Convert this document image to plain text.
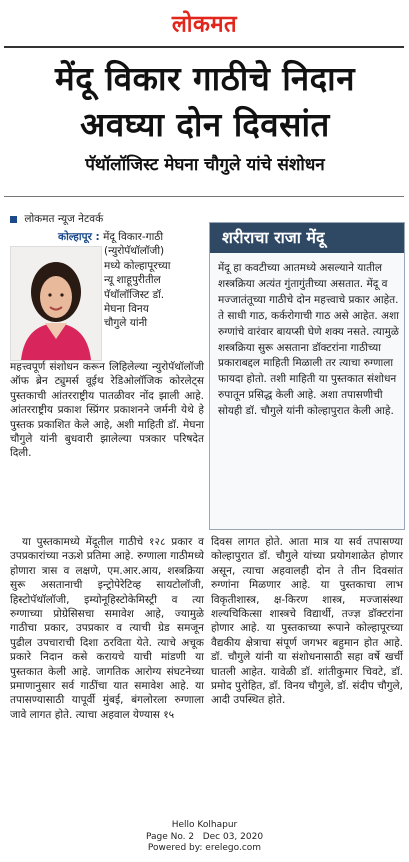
लोकमत
मेंदू विकार गाठीचे निदान
अवघ्या दोन दिवसांत
पॅथॉलॉजिस्ट मेघना चौगुले यांचे संशोधन
लोकमत न्यूज नेटवर्क

कोल्हापूर : मेंदू विकार-गाठी

(न्युरोपॅथॉलॉजी)

मध्ये कोल्हापूरच्या

न्यू शाहूपुरीतील

पॅथॉलॉजिस्ट डॉ.

मेघना विनय

चौगुले यांनी

महत्त्वपूर्ण संशोधन करून लिहिलेल्या न्युरोपॅथॉलॉजी ऑफ ब्रेन ट्युमर्स वूईथ रेडिओलॉजिक कोरलेट्स पुस्तकाची आंतरराष्ट्रीय पातळीवर नोंद झाली आहे. आंतरराष्ट्रीय प्रकाश स्प्रिंगर प्रकाशनने जर्मनी येथे हे पुस्तक प्रकाशित केले आहे, अशी माहिती डॉ. मेघना चौगुले यांनी बुधवारी झालेल्या पत्रकार परिषदेत दिली.

शरीराचा राजा मेंदू
मेंदू हा कवटीच्या आतमध्ये असल्याने यातील शस्त्रक्रिया अत्यंत गुंतागुंतीच्या असतात. मेंदू व मज्जातंतूच्या गाठीचे दोन महत्त्वाचे प्रकार आहेत. ते साधी गाठ, कर्करोगाची गाठ असे आहेत. अशा रुग्णांचे वारंवार बायप्सी घेणे शक्य नसते. त्यामुळे शस्त्रक्रिया सुरू असताना डॉक्टरांना गाठीच्या प्रकाराबद्दल माहिती मिळाली तर त्याचा रुग्णाला फायदा होतो. तशी माहिती या पुस्तकात संशोधन रुपातून प्रसिद्ध केली आहे. अशा तपासणीची सोयही डॉ. चौगुले यांनी कोल्हापुरात केली आहे.

या पुस्तकामध्ये मेंदूतील गाठीचे १२८ प्रकार व उपप्रकारांच्या नऊशे प्रतिमा आहे. रुग्णाला गाठीमध्ये होणारा त्रास व लक्षणे, एम.आर.आय, शस्त्रक्रिया सुरू असतानाची इन्ट्रोपेरेटिव्ह सायटोलॉजी, हिस्टोपॅथॉलॉजी, इम्योनूहिस्टोकेमिस्ट्री व त्या रुग्णाच्या प्रोग्रेसिसचा समावेश आहे, ज्यामुळे गाठीचा प्रकार, उपप्रकार व त्याची ग्रेड समजून पुढील उपचाराची दिशा ठरविता येते. त्याचे अचूक प्रकारे निदान कसे करायचे याची मांडणी या पुस्तकात केली आहे. जागतिक आरोग्य संघटनेच्या प्रमाणानुसार सर्व गाठींचा यात समावेश आहे. या तपासण्यासाठी यापूर्वी मुंबई, बंगलोरला रुग्णाला जावे लागत होते. त्याचा अहवाल येण्यास १५

दिवस लागत होते. आता मात्र या सर्व तपासण्या कोल्हापुरात डॉ. चौगुले यांच्या प्रयोगशाळेत होणार असून, त्याचा अहवालही दोन ते तीन दिवसांत रुग्णांना मिळणार आहे. या पुस्तकाचा लाभ विकृतीशास्त्र, क्ष-किरण शास्त्र, मज्जासंस्था शल्यचिकित्सा शास्त्रचे विद्यार्थी, तज्ज्ञ डॉक्टरांना होणार आहे. या पुस्तकाच्या रूपाने कोल्हापूरच्या वैद्यकीय क्षेत्राचा संपूर्ण जगभर बहुमान होत आहे. डॉ. चौगुले यांनी या संशोधनासाठी सहा वर्षे खर्ची घातली आहेत. यावेळी डॉ. शांतीकुमार चिवटे, डॉ. प्रमोद पुरोहित, डॉ. विनय चौगुले, डॉ. संदीप चौगुले, आदी उपस्थित होते.

Hello Kolhapur
Page No. 2   Dec 03, 2020
Powered by: erelego.com
